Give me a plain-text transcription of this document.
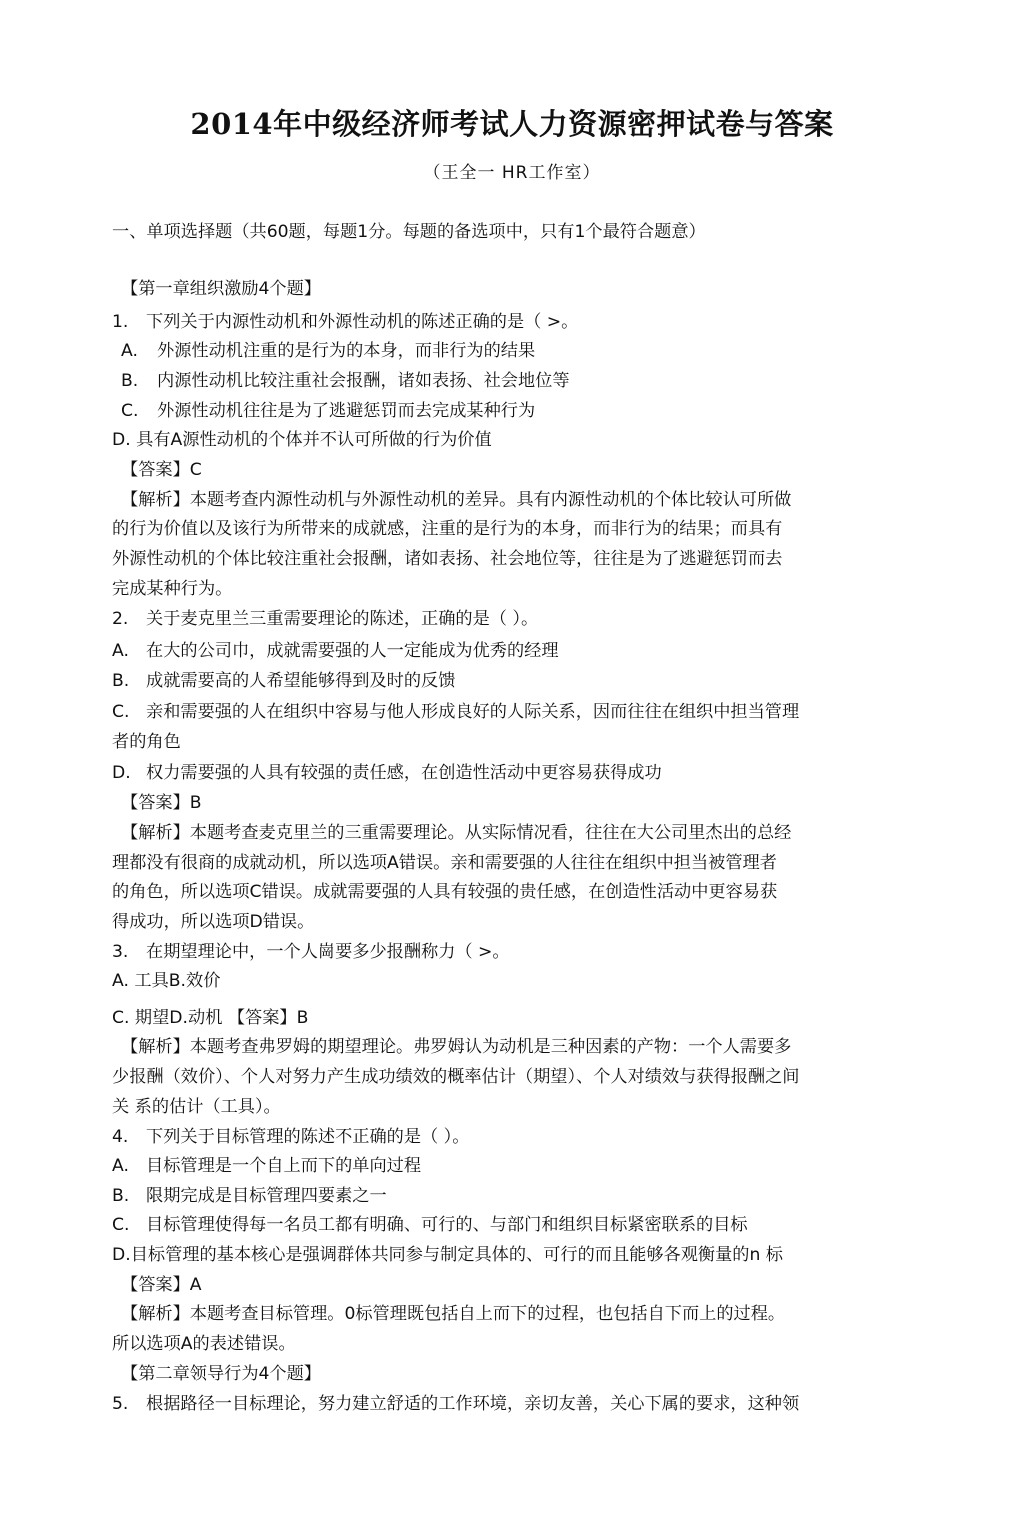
2014年中级经济师考试人力资源密押试卷与答案
（王全一 HR工作室）
一、单项选择题（共60题，每题1分。每题的备选项中，只有1个最符合题意）
【第一章组织激励4个题】
1. 下列关于内源性动机和外源性动机的陈述正确的是（ >。
A. 外源性动机注重的是行为的本身，而非行为的结果
B. 内源性动机比较注重社会报酬，诸如表扬、社会地位等
C. 外源性动机往往是为了逃避惩罚而去完成某种行为
D. 具有A源性动机的个体并不认可所做的行为价值
【答案】C
【解析】本题考查内源性动机与外源性动机的差异。具有内源性动机的个体比较认可所做
的行为价值以及该行为所带来的成就感，注重的是行为的本身，而非行为的结果；而具有
外源性动机的个体比较注重社会报酬，诸如表扬、社会地位等，往往是为了逃避惩罚而去
完成某种行为。
2. 关于麦克里兰三重需要理论的陈述，正确的是（ ）。
A. 在大的公司巾，成就需要强的人一定能成为优秀的经理
B. 成就需要高的人希望能够得到及时的反馈
C. 亲和需要强的人在组织中容易与他人形成良好的人际关系，因而往往在组织中担当管理
者的角色
D. 权力需要强的人具有较强的责任感，在创造性活动中更容易获得成功
【答案】B
【解析】本题考查麦克里兰的三重需要理论。从实际情况看，往往在大公司里杰出的总经
理都没有很商的成就动机，所以选项A错误。亲和需要强的人往往在组织中担当被管理者
的角色，所以选项C错误。成就需要强的人具有较强的贵任感，在创造性活动中更容易获
得成功，所以选项D错误。
3. 在期望理论中，一个人崗要多少报酬称力（ >。
A. 工具B.效价
C. 期望D.动机 【答案】B
【解析】本题考查弗罗姆的期望理论。弗罗姆认为动机是三种因素的产物：一个人需要多
少报酬（效价）、个人对努力产生成功绩效的概率估计（期望）、个人对绩效与获得报酬之间
关 系的估计（工具）。
4. 下列关于目标管理的陈述不正确的是（ ）。
A. 目标管理是一个自上而下的单向过程
B. 限期完成是目标管理四要素之一
C. 目标管理使得每一名员工都有明确、可行的、与部门和组织目标紧密联系的目标
D.目标管理的基本核心是强调群体共同参与制定具体的、可行的而且能够各观衡量的n 标
【答案】A
【解析】本题考查目标管理。0标管理既包括自上而下的过程，也包括自下而上的过程。
所以选项A的表述错误。
【第二章领导行为4个题】
5. 根据路径一目标理论，努力建立舒适的工作环境，亲切友善，关心下属的要求，这种领
